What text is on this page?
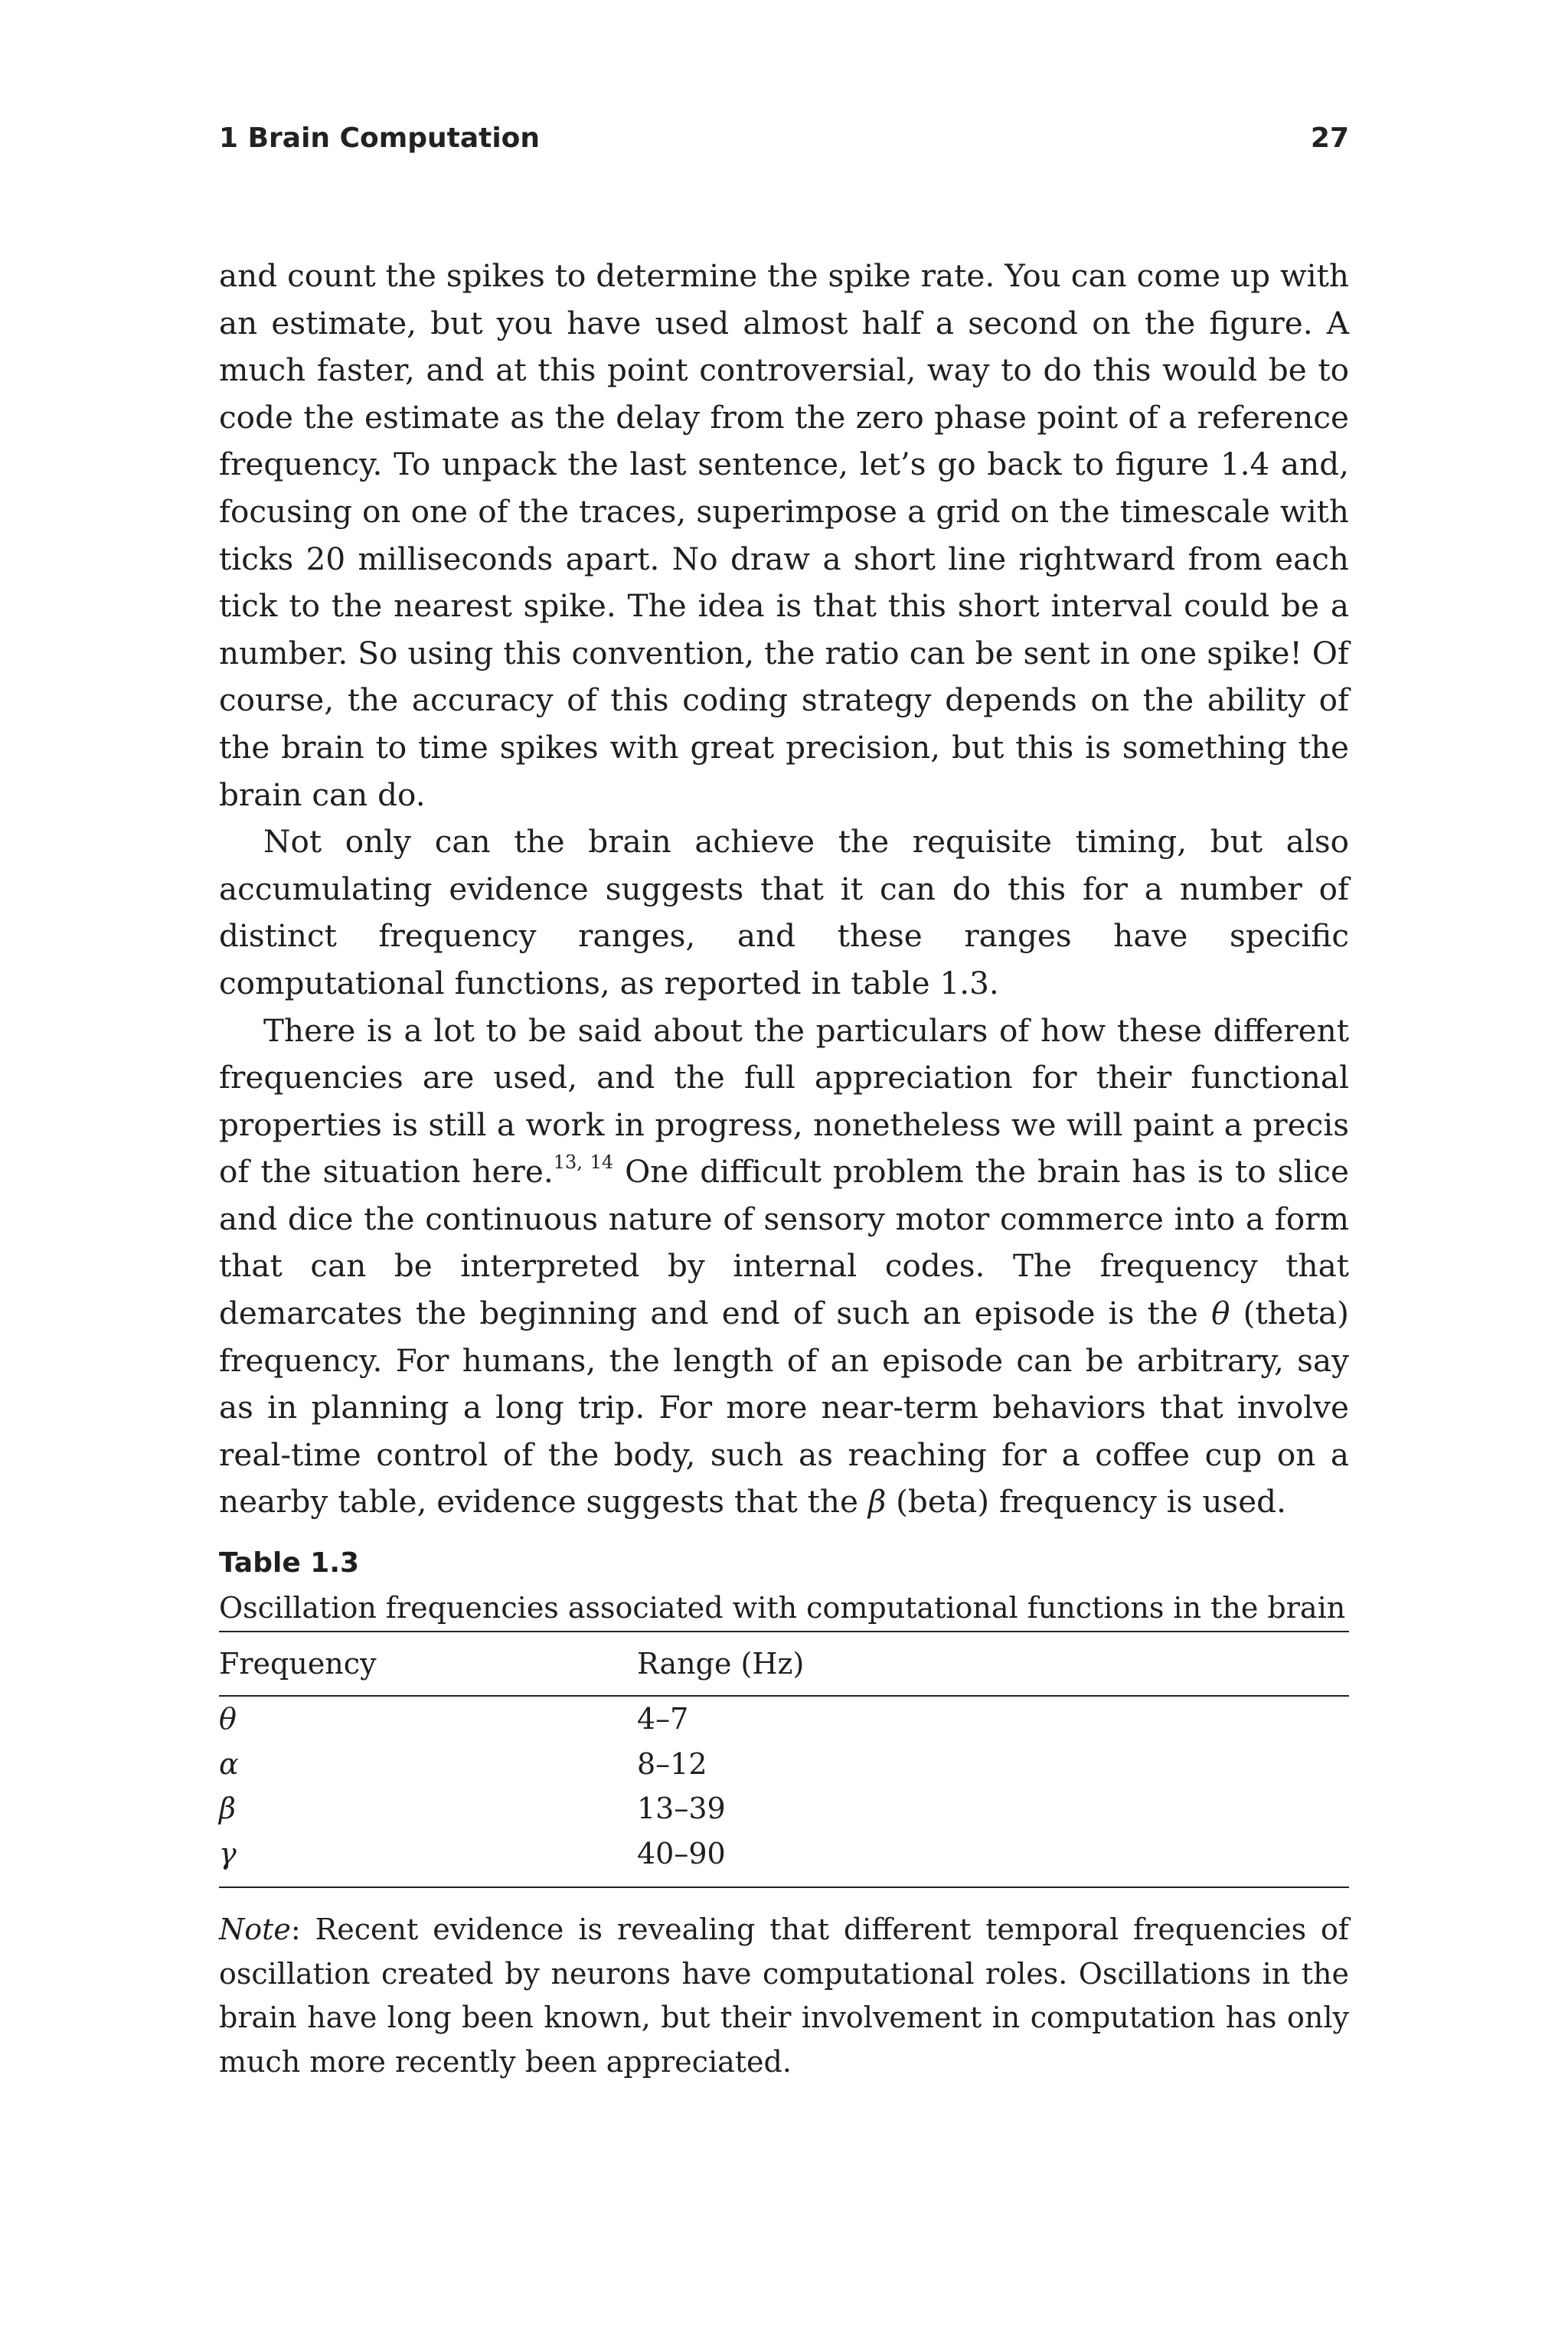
1 Brain Computation	27

and count the spikes to determine the spike rate. You can come up with an estimate, but you have used almost half a second on the figure. A much faster, and at this point controversial, way to do this would be to code the estimate as the delay from the zero phase point of a reference frequency. To unpack the last sentence, let’s go back to figure 1.4 and, focusing on one of the traces, superimpose a grid on the timescale with ticks 20 milliseconds apart. No draw a short line rightward from each tick to the nearest spike. The idea is that this short interval could be a number. So using this convention, the ratio can be sent in one spike! Of course, the accuracy of this coding strategy depends on the ability of the brain to time spikes with great precision, but this is something the brain can do.

Not only can the brain achieve the requisite timing, but also accumulating evidence suggests that it can do this for a number of distinct frequency ranges, and these ranges have specific computational functions, as reported in table 1.3.

There is a lot to be said about the particulars of how these different frequencies are used, and the full appreciation for their functional properties is still a work in progress, nonetheless we will paint a precis of the situation here.$^{13, 14}$ One difficult problem the brain has is to slice and dice the continuous nature of sensory motor commerce into a form that can be interpreted by internal codes. The frequency that demarcates the beginning and end of such an episode is the θ (theta) frequency. For humans, the length of an episode can be arbitrary, say as in planning a long trip. For more near-term behaviors that involve real-time control of the body, such as reaching for a coffee cup on a nearby table, evidence suggests that the β (beta) frequency is used.

Table 1.3
Oscillation frequencies associated with computational functions in the brain
Frequency	Range (Hz)
θ	4–7
α	8–12
β	13–39
γ	40–90
Note: Recent evidence is revealing that different temporal frequencies of oscillation created by neurons have computational roles. Oscillations in the brain have long been known, but their involvement in computation has only much more recently been appreciated.
